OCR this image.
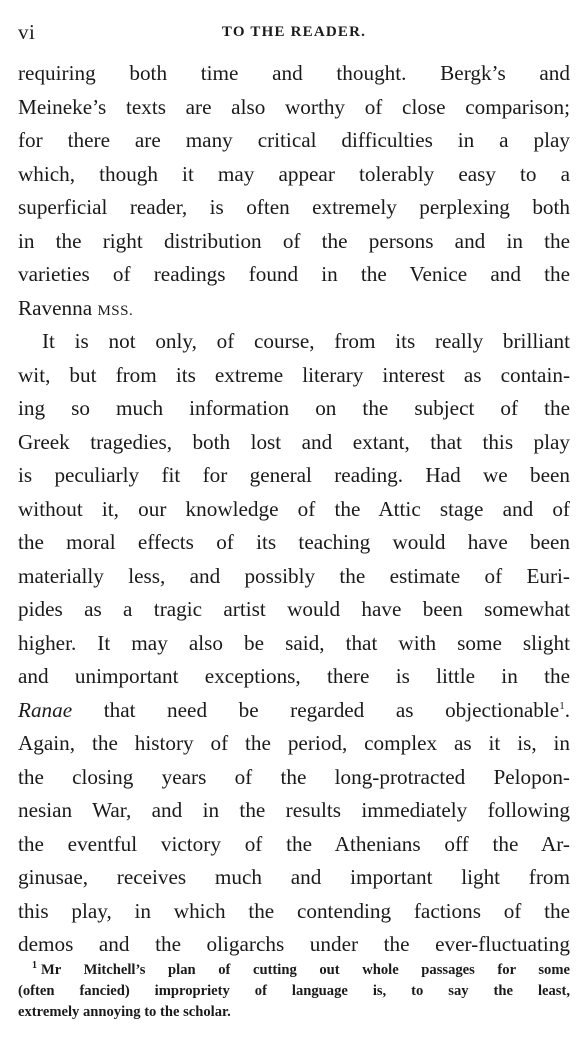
vi	TO THE READER.
requiring both time and thought. Bergk’s and
Meineke’s texts are also worthy of close comparison;
for there are many critical difficulties in a play
which, though it may appear tolerably easy to a
superficial reader, is often extremely perplexing both
in the right distribution of the persons and in the
varieties of readings found in the Venice and the
Ravenna MSS.
It is not only, of course, from its really brilliant
wit, but from its extreme literary interest as contain-
ing so much information on the subject of the
Greek tragedies, both lost and extant, that this play
is peculiarly fit for general reading. Had we been
without it, our knowledge of the Attic stage and of
the moral effects of its teaching would have been
materially less, and possibly the estimate of Euri-
pides as a tragic artist would have been somewhat
higher. It may also be said, that with some slight
and unimportant exceptions, there is little in the
Ranae that need be regarded as objectionable$^1$.
Again, the history of the period, complex as it is, in
the closing years of the long-protracted Pelopon-
nesian War, and in the results immediately following
the eventful victory of the Athenians off the Ar-
ginusae, receives much and important light from
this play, in which the contending factions of the
demos and the oligarchs under the ever-fluctuating
$^1$ Mr Mitchell’s plan of cutting out whole passages for some
(often fancied) impropriety of language is, to say the least,
extremely annoying to the scholar.
